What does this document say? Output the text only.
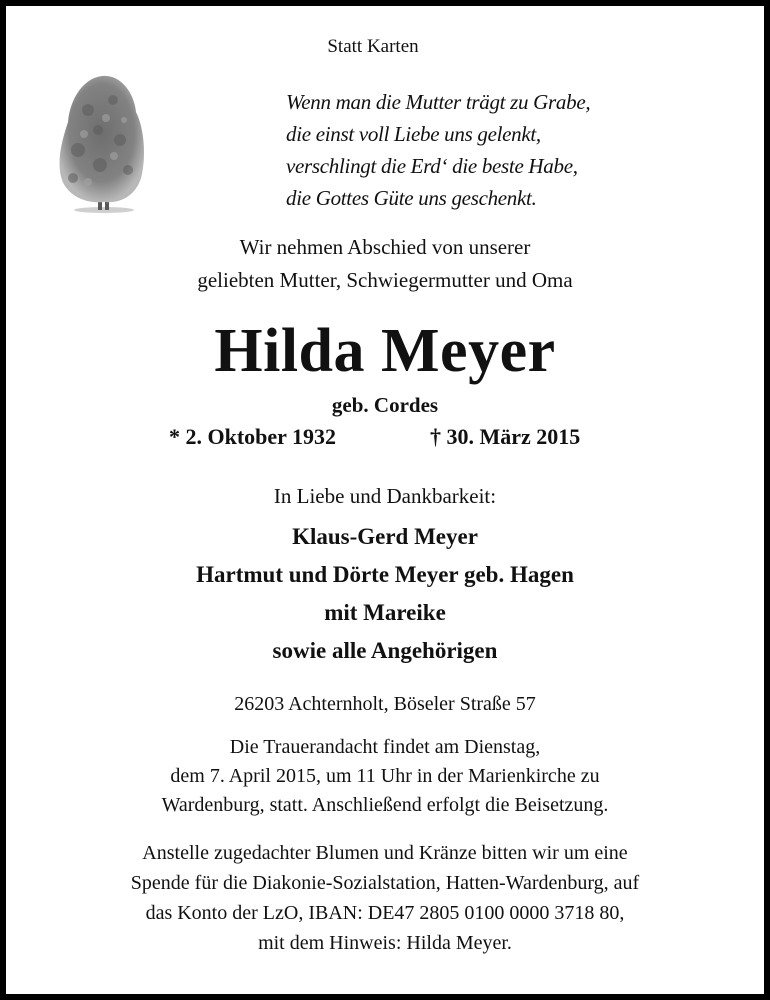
Statt Karten
Wenn man die Mutter trägt zu Grabe,
die einst voll Liebe uns gelenkt,
verschlingt die Erd‘ die beste Habe,
die Gottes Güte uns geschenkt.
Wir nehmen Abschied von unserer
geliebten Mutter, Schwiegermutter und Oma
Hilda Meyer
geb. Cordes
* 2. Oktober 1932	† 30. März 2015
In Liebe und Dankbarkeit:
Klaus-Gerd Meyer
Hartmut und Dörte Meyer geb. Hagen
mit Mareike
sowie alle Angehörigen
26203 Achternholt, Böseler Straße 57
Die Trauerandacht findet am Dienstag,
dem 7. April 2015, um 11 Uhr in der Marienkirche zu
Wardenburg, statt. Anschließend erfolgt die Beisetzung.
Anstelle zugedachter Blumen und Kränze bitten wir um eine
Spende für die Diakonie-Sozialstation, Hatten-Wardenburg, auf
das Konto der LzO, IBAN: DE47 2805 0100 0000 3718 80,
mit dem Hinweis: Hilda Meyer.
